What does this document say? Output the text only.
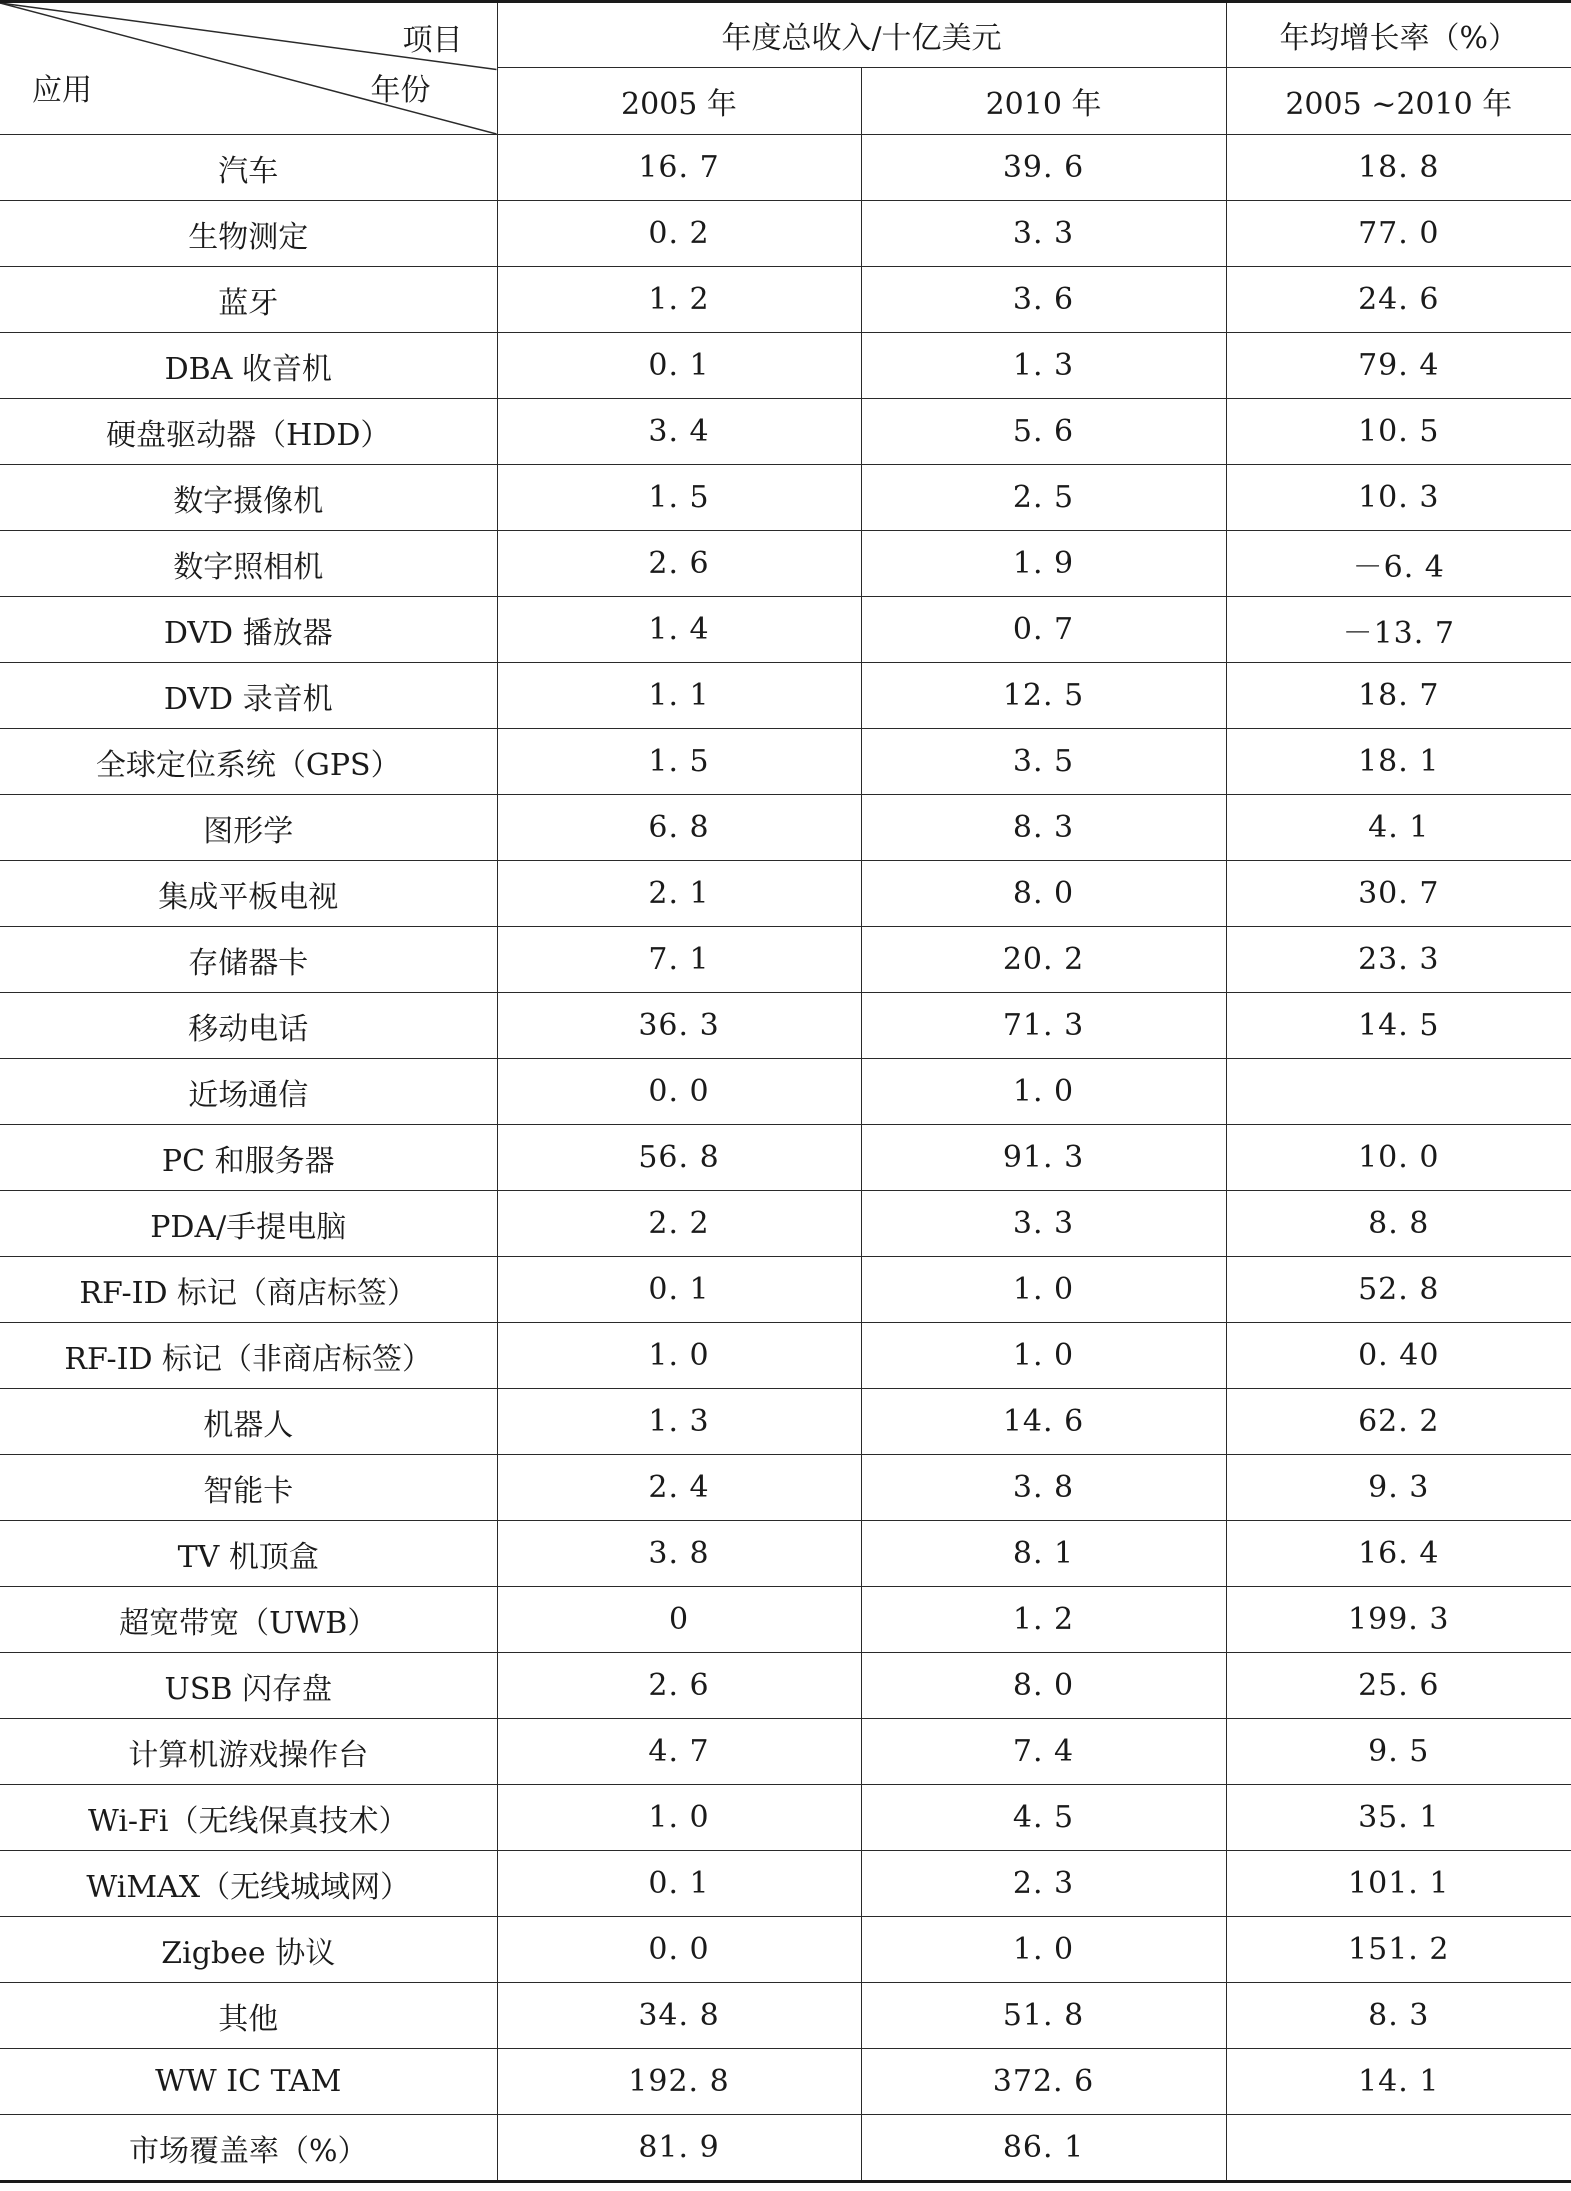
项目
年份
应用	年度总收入/十亿美元		年均增长率（%）
	2005 年	2010 年	2005 ~2010 年
汽车	16. 7	39. 6	18. 8
生物测定	0. 2	3. 3	77. 0
蓝牙	1. 2	3. 6	24. 6
DBA 收音机	0. 1	1. 3	79. 4
硬盘驱动器（HDD）	3. 4	5. 6	10. 5
数字摄像机	1. 5	2. 5	10. 3
数字照相机	2. 6	1. 9	－6. 4
DVD 播放器	1. 4	0. 7	－13. 7
DVD 录音机	1. 1	12. 5	18. 7
全球定位系统（GPS）	1. 5	3. 5	18. 1
图形学	6. 8	8. 3	4. 1
集成平板电视	2. 1	8. 0	30. 7
存储器卡	7. 1	20. 2	23. 3
移动电话	36. 3	71. 3	14. 5
近场通信	0. 0	1. 0	
PC 和服务器	56. 8	91. 3	10. 0
PDA/手提电脑	2. 2	3. 3	8. 8
RF-ID 标记（商店标签）	0. 1	1. 0	52. 8
RF-ID 标记（非商店标签）	1. 0	1. 0	0. 40
机器人	1. 3	14. 6	62. 2
智能卡	2. 4	3. 8	9. 3
TV 机顶盒	3. 8	8. 1	16. 4
超宽带宽（UWB）	0	1. 2	199. 3
USB 闪存盘	2. 6	8. 0	25. 6
计算机游戏操作台	4. 7	7. 4	9. 5
Wi-Fi（无线保真技术）	1. 0	4. 5	35. 1
WiMAX（无线城域网）	0. 1	2. 3	101. 1
Zigbee 协议	0. 0	1. 0	151. 2
其他	34. 8	51. 8	8. 3
WW IC TAM	192. 8	372. 6	14. 1
市场覆盖率（%）	81. 9	86. 1	
